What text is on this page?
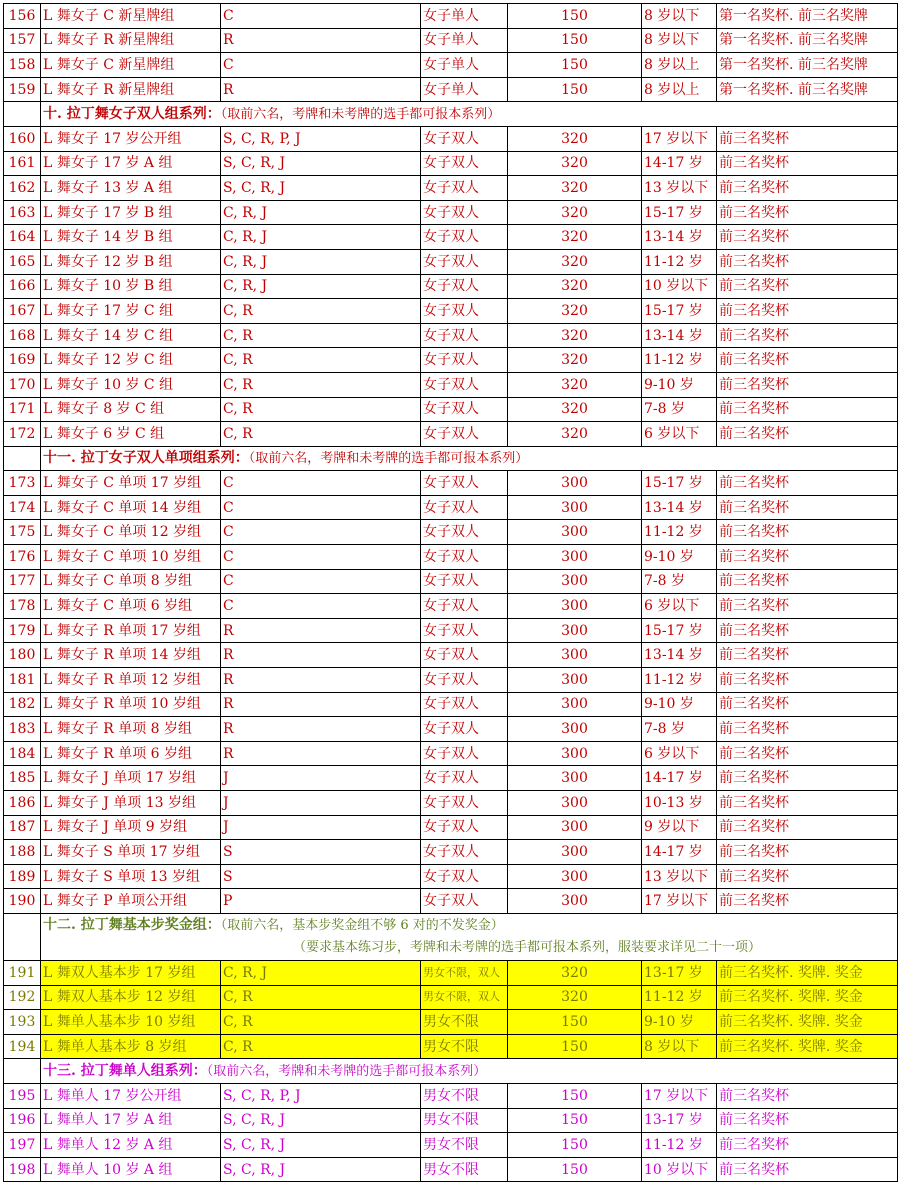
156	L 舞女子 C 新星牌组	C	女子单人	150	8 岁以下	第一名奖杯. 前三名奖牌
157	L 舞女子 R 新星牌组	R	女子单人	150	8 岁以下	第一名奖杯. 前三名奖牌
158	L 舞女子 C 新星牌组	C	女子单人	150	8 岁以上	第一名奖杯. 前三名奖牌
159	L 舞女子 R 新星牌组	R	女子单人	150	8 岁以上	第一名奖杯. 前三名奖牌
	十. 拉丁舞女子双人组系列：（取前六名，考牌和未考牌的选手都可报本系列）					
160	L 舞女子 17 岁公开组	S, C, R, P, J	女子双人	320	17 岁以下	前三名奖杯
161	L 舞女子 17 岁 A 组	S, C, R, J	女子双人	320	14-17 岁	前三名奖杯
162	L 舞女子 13 岁 A 组	S, C, R, J	女子双人	320	13 岁以下	前三名奖杯
163	L 舞女子 17 岁 B 组	C, R, J	女子双人	320	15-17 岁	前三名奖杯
164	L 舞女子 14 岁 B 组	C, R, J	女子双人	320	13-14 岁	前三名奖杯
165	L 舞女子 12 岁 B 组	C, R, J	女子双人	320	11-12 岁	前三名奖杯
166	L 舞女子 10 岁 B 组	C, R, J	女子双人	320	10 岁以下	前三名奖杯
167	L 舞女子 17 岁 C 组	C, R	女子双人	320	15-17 岁	前三名奖杯
168	L 舞女子 14 岁 C 组	C, R	女子双人	320	13-14 岁	前三名奖杯
169	L 舞女子 12 岁 C 组	C, R	女子双人	320	11-12 岁	前三名奖杯
170	L 舞女子 10 岁 C 组	C, R	女子双人	320	9-10 岁	前三名奖杯
171	L 舞女子 8 岁 C 组	C, R	女子双人	320	7-8 岁	前三名奖杯
172	L 舞女子 6 岁 C 组	C, R	女子双人	320	6 岁以下	前三名奖杯
	十一. 拉丁女子双人单项组系列：（取前六名，考牌和未考牌的选手都可报本系列）					
173	L 舞女子 C 单项 17 岁组	C	女子双人	300	15-17 岁	前三名奖杯
174	L 舞女子 C 单项 14 岁组	C	女子双人	300	13-14 岁	前三名奖杯
175	L 舞女子 C 单项 12 岁组	C	女子双人	300	11-12 岁	前三名奖杯
176	L 舞女子 C 单项 10 岁组	C	女子双人	300	9-10 岁	前三名奖杯
177	L 舞女子 C 单项 8 岁组	C	女子双人	300	7-8 岁	前三名奖杯
178	L 舞女子 C 单项 6 岁组	C	女子双人	300	6 岁以下	前三名奖杯
179	L 舞女子 R 单项 17 岁组	R	女子双人	300	15-17 岁	前三名奖杯
180	L 舞女子 R 单项 14 岁组	R	女子双人	300	13-14 岁	前三名奖杯
181	L 舞女子 R 单项 12 岁组	R	女子双人	300	11-12 岁	前三名奖杯
182	L 舞女子 R 单项 10 岁组	R	女子双人	300	9-10 岁	前三名奖杯
183	L 舞女子 R 单项 8 岁组	R	女子双人	300	7-8 岁	前三名奖杯
184	L 舞女子 R 单项 6 岁组	R	女子双人	300	6 岁以下	前三名奖杯
185	L 舞女子 J 单项 17 岁组	J	女子双人	300	14-17 岁	前三名奖杯
186	L 舞女子 J 单项 13 岁组	J	女子双人	300	10-13 岁	前三名奖杯
187	L 舞女子 J 单项 9 岁组	J	女子双人	300	9 岁以下	前三名奖杯
188	L 舞女子 S 单项 17 岁组	S	女子双人	300	14-17 岁	前三名奖杯
189	L 舞女子 S 单项 13 岁组	S	女子双人	300	13 岁以下	前三名奖杯
190	L 舞女子 P 单项公开组	P	女子双人	300	17 岁以下	前三名奖杯
	十二. 拉丁舞基本步奖金组：（取前六名，基本步奖金组不够 6 对的不发奖金）
（要求基本练习步，考牌和未考牌的选手都可报本系列，服装要求详见二十一项）					

191	L 舞双人基本步 17 岁组	C, R, J	男女不限，双人	320	13-17 岁	前三名奖杯. 奖牌. 奖金
192	L 舞双人基本步 12 岁组	C, R	男女不限，双人	320	11-12 岁	前三名奖杯. 奖牌. 奖金
193	L 舞单人基本步 10 岁组	C, R	男女不限	150	9-10 岁	前三名奖杯. 奖牌. 奖金
194	L 舞单人基本步 8 岁组	C, R	男女不限	150	8 岁以下	前三名奖杯. 奖牌. 奖金
	十三. 拉丁舞单人组系列：（取前六名，考牌和未考牌的选手都可报本系列）					
195	L 舞单人 17 岁公开组	S, C, R, P, J	男女不限	150	17 岁以下	前三名奖杯
196	L 舞单人 17 岁 A 组	S, C, R, J	男女不限	150	13-17 岁	前三名奖杯
197	L 舞单人 12 岁 A 组	S, C, R, J	男女不限	150	11-12 岁	前三名奖杯
198	L 舞单人 10 岁 A 组	S, C, R, J	男女不限	150	10 岁以下	前三名奖杯
